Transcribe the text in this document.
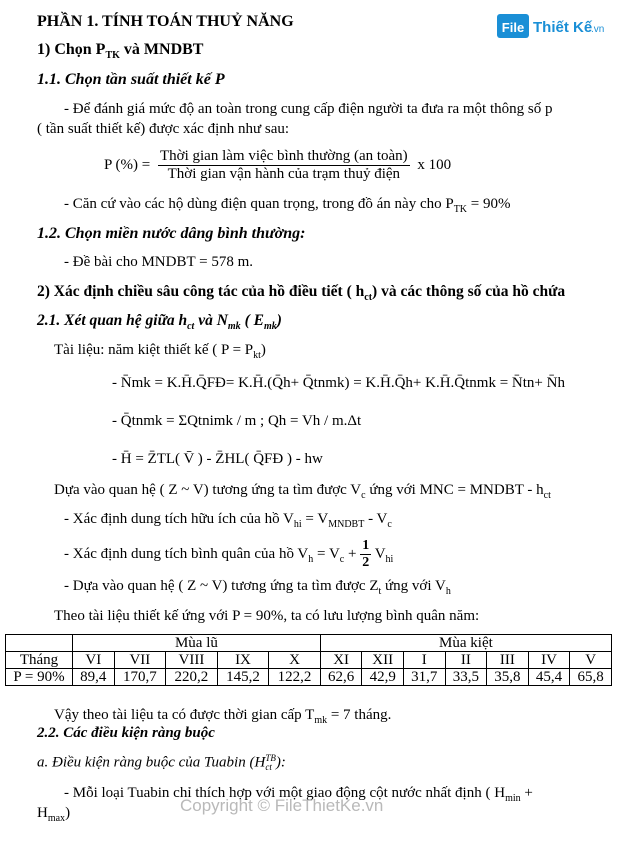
File Thiết Kế
.vn
PHẦN 1. TÍNH TOÁN THUỶ NĂNG
1) Chọn $P_{TK}$ và MNDBT
1.1. Chọn tần suất thiết kế P
- Để đánh giá mức độ an toàn trong cung cấp điện người ta đưa ra một thông số p
( tần suất thiết kế) được xác định như sau:
P (%) = $\frac{\text{Thời gian làm việc bình thường (an toàn)}}{\text{Thời gian vận hành của trạm thuỷ điện}}$ x 100
- Căn cứ vào các hộ dùng điện quan trọng, trong đồ án này cho $P_{TK} = 90\%$
1.2. Chọn miền nước dâng bình thường:
- Đề bài cho MNDBT = 578 m.
2) Xác định chiều sâu công tác của hồ điều tiết ( $h_{ct}$) và các thông số của hồ chứa
2.1. Xét quan hệ giữa $h_{ct}$ và $N_{mk}$ ( $E_{mk}$)
Tài liệu: năm kiệt thiết kế ( $P = P_{kt}$)
- N̄mk = K.H̄.Q̄FĐ= K.H̄.(Q̄h+ Q̄tnmk) = K.H̄.Q̄h+ K.H̄.Q̄tnmk = N̄tn+ N̄h
- Q̄tnmk = ΣQtnimk / m ; Qh = Vh / m.Δt
- H̄ = Z̄TL( V̄ ) - Z̄HL( Q̄FĐ ) - hw
Dựa vào quan hệ ( Z ~ V) tương ứng ta tìm được $V_c$ ứng với MNC = MNDBT - $h_{ct}$
- Xác định dung tích hữu ích của hồ $V_{hi} = V_{MNDBT} - V_c$
- Xác định dung tích bình quân của hồ $V_h = V_c + \frac{1}{2} V_{hi}$
- Dựa vào quan hệ ( Z ~ V) tương ứng ta tìm được $Z_t$ ứng với $V_h$
Theo tài liệu thiết kế ứng với P = 90%, ta có lưu lượng bình quân năm:
	Mùa lũ					Mùa kiệt						
Tháng	VI	VII	VIII	IX	X	XI	XII	I	II	III	IV	V
P = 90%	89,4	170,7	220,2	145,2	122,2	62,6	42,9	31,7	33,5	35,8	45,4	65,8
Vậy theo tài liệu ta có được thời gian cấp $T_{mk} = 7$ tháng.
2.2. Các điều kiện ràng buộc
a. Điều kiện ràng buộc của Tuabin (H TB
ct ):
- Mỗi loại Tuabin chỉ thích hợp với một giao động cột nước nhất định ( $H_{min}$ +
$H_{max}$)	Copyright © FileThietKe.vn
